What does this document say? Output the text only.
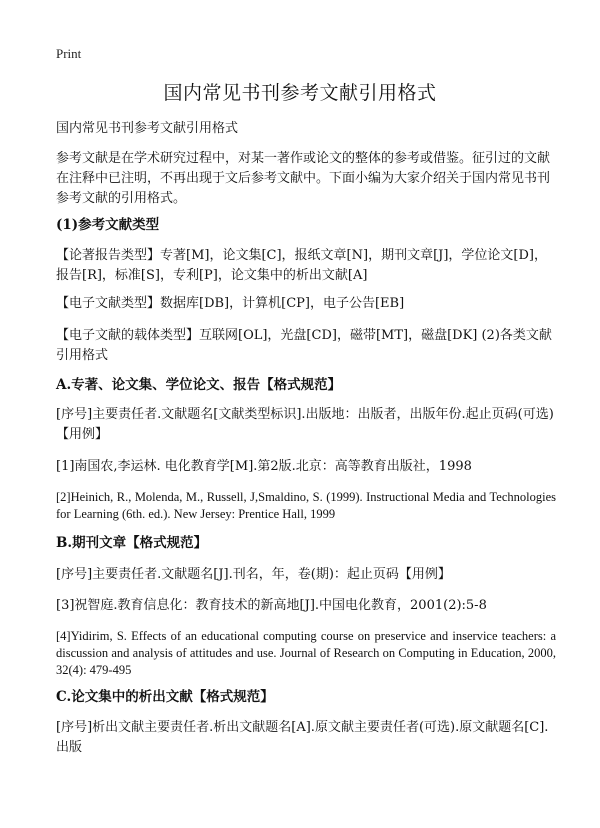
Print
国内常见书刊参考文献引用格式

国内常见书刊参考文献引用格式

参考文献是在学术研究过程中，对某一著作或论文的整体的参考或借鉴。征引过的文献在注释中已注明，不再出现于文后参考文献中。下面小编为大家介绍关于国内常见书刊参考文献的引用格式。

(1)参考文献类型

【论著报告类型】专著[M]，论文集[C]，报纸文章[N]，期刊文章[J]，学位论文[D]，报告[R]，标准[S]，专利[P]，论文集中的析出文献[A]

【电子文献类型】数据库[DB]，计算机[CP]，电子公告[EB]

【电子文献的载体类型】互联网[OL]，光盘[CD]，磁带[MT]，磁盘[DK] (2)各类文献引用格式

A.专著、论文集、学位论文、报告【格式规范】

[序号]主要责任者.文献题名[文献类型标识].出版地：出版者，出版年份.起止页码(可选)【用例】

[1]南国农,李运林. 电化教育学[M].第2版.北京：高等教育出版社，1998

[2]Heinich, R., Molenda, M., Russell, J,Smaldino, S. (1999). Instructional Media and Technologies for Learning (6th. ed.). New Jersey: Prentice Hall, 1999

B.期刊文章【格式规范】

[序号]主要责任者.文献题名[J].刊名，年，卷(期)：起止页码【用例】

[3]祝智庭.教育信息化：教育技术的新高地[J].中国电化教育，2001(2):5-8

[4]Yidirim, S. Effects of an educational computing course on preservice and inservice teachers: a discussion and analysis of attitudes and use. Journal of Research on Computing in Education, 2000, 32(4): 479-495

C.论文集中的析出文献【格式规范】

[序号]析出文献主要责任者.析出文献题名[A].原文献主要责任者(可选).原文献题名[C].出版
